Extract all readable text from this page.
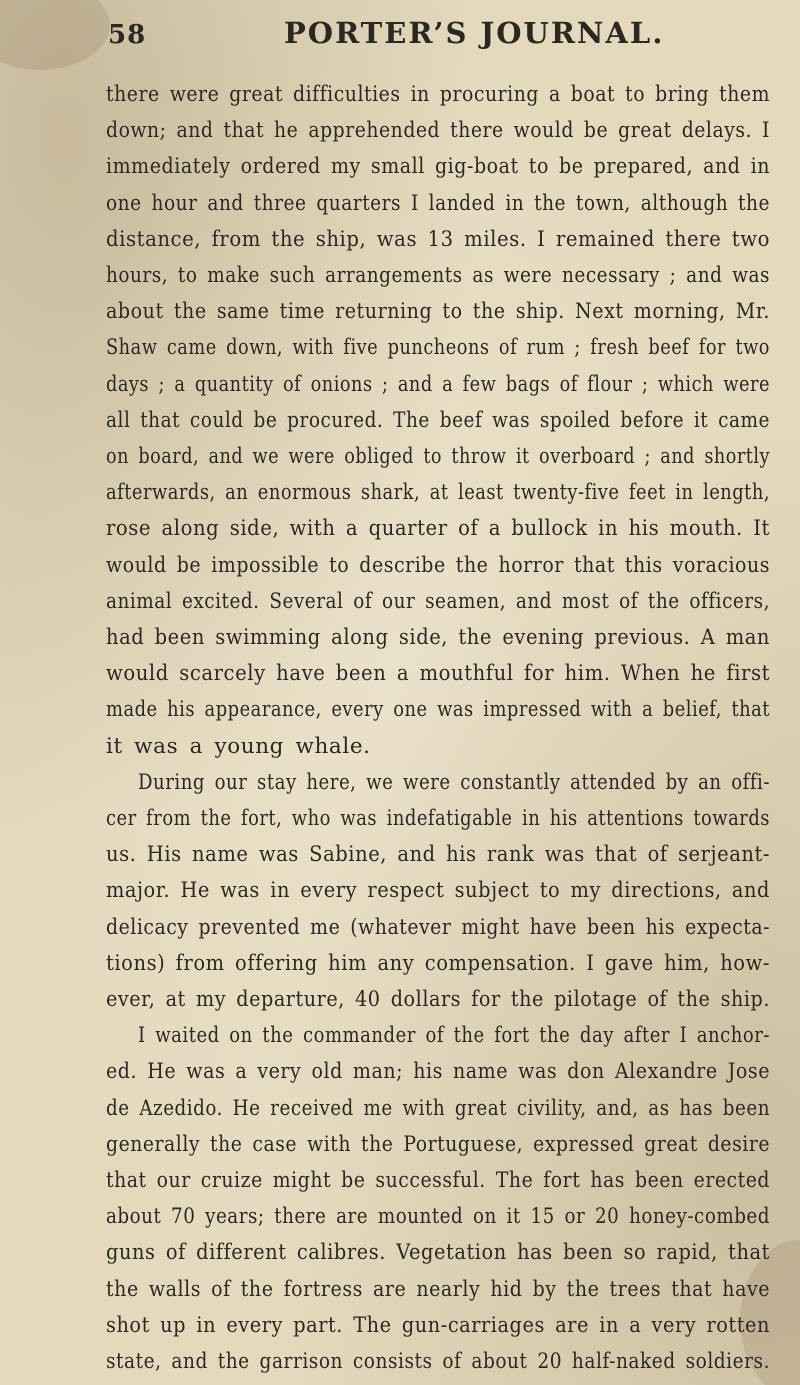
58	PORTER’S JOURNAL.
there were great difficulties in procuring a boat to bring them
down; and that he apprehended there would be great delays. I
immediately ordered my small gig-boat to be prepared, and in
one hour and three quarters I landed in the town, although the
distance, from the ship, was 13 miles. I remained there two
hours, to make such arrangements as were necessary ; and was
about the same time returning to the ship. Next morning, Mr.
Shaw came down, with five puncheons of rum ; fresh beef for two
days ; a quantity of onions ; and a few bags of flour ; which were
all that could be procured. The beef was spoiled before it came
on board, and we were obliged to throw it overboard ; and shortly
afterwards, an enormous shark, at least twenty-five feet in length,
rose along side, with a quarter of a bullock in his mouth. It
would be impossible to describe the horror that this voracious
animal excited. Several of our seamen, and most of the officers,
had been swimming along side, the evening previous. A man
would scarcely have been a mouthful for him. When he first
made his appearance, every one was impressed with a belief, that
it was a young whale.
During our stay here, we were constantly attended by an offi-
cer from the fort, who was indefatigable in his attentions towards
us. His name was Sabine, and his rank was that of serjeant-
major. He was in every respect subject to my directions, and
delicacy prevented me (whatever might have been his expecta-
tions) from offering him any compensation. I gave him, how-
ever, at my departure, 40 dollars for the pilotage of the ship.
I waited on the commander of the fort the day after I anchor-
ed. He was a very old man; his name was don Alexandre Jose
de Azedido. He received me with great civility, and, as has been
generally the case with the Portuguese, expressed great desire
that our cruize might be successful. The fort has been erected
about 70 years; there are mounted on it 15 or 20 honey-combed
guns of different calibres. Vegetation has been so rapid, that
the walls of the fortress are nearly hid by the trees that have
shot up in every part. The gun-carriages are in a very rotten
state, and the garrison consists of about 20 half-naked soldiers.
